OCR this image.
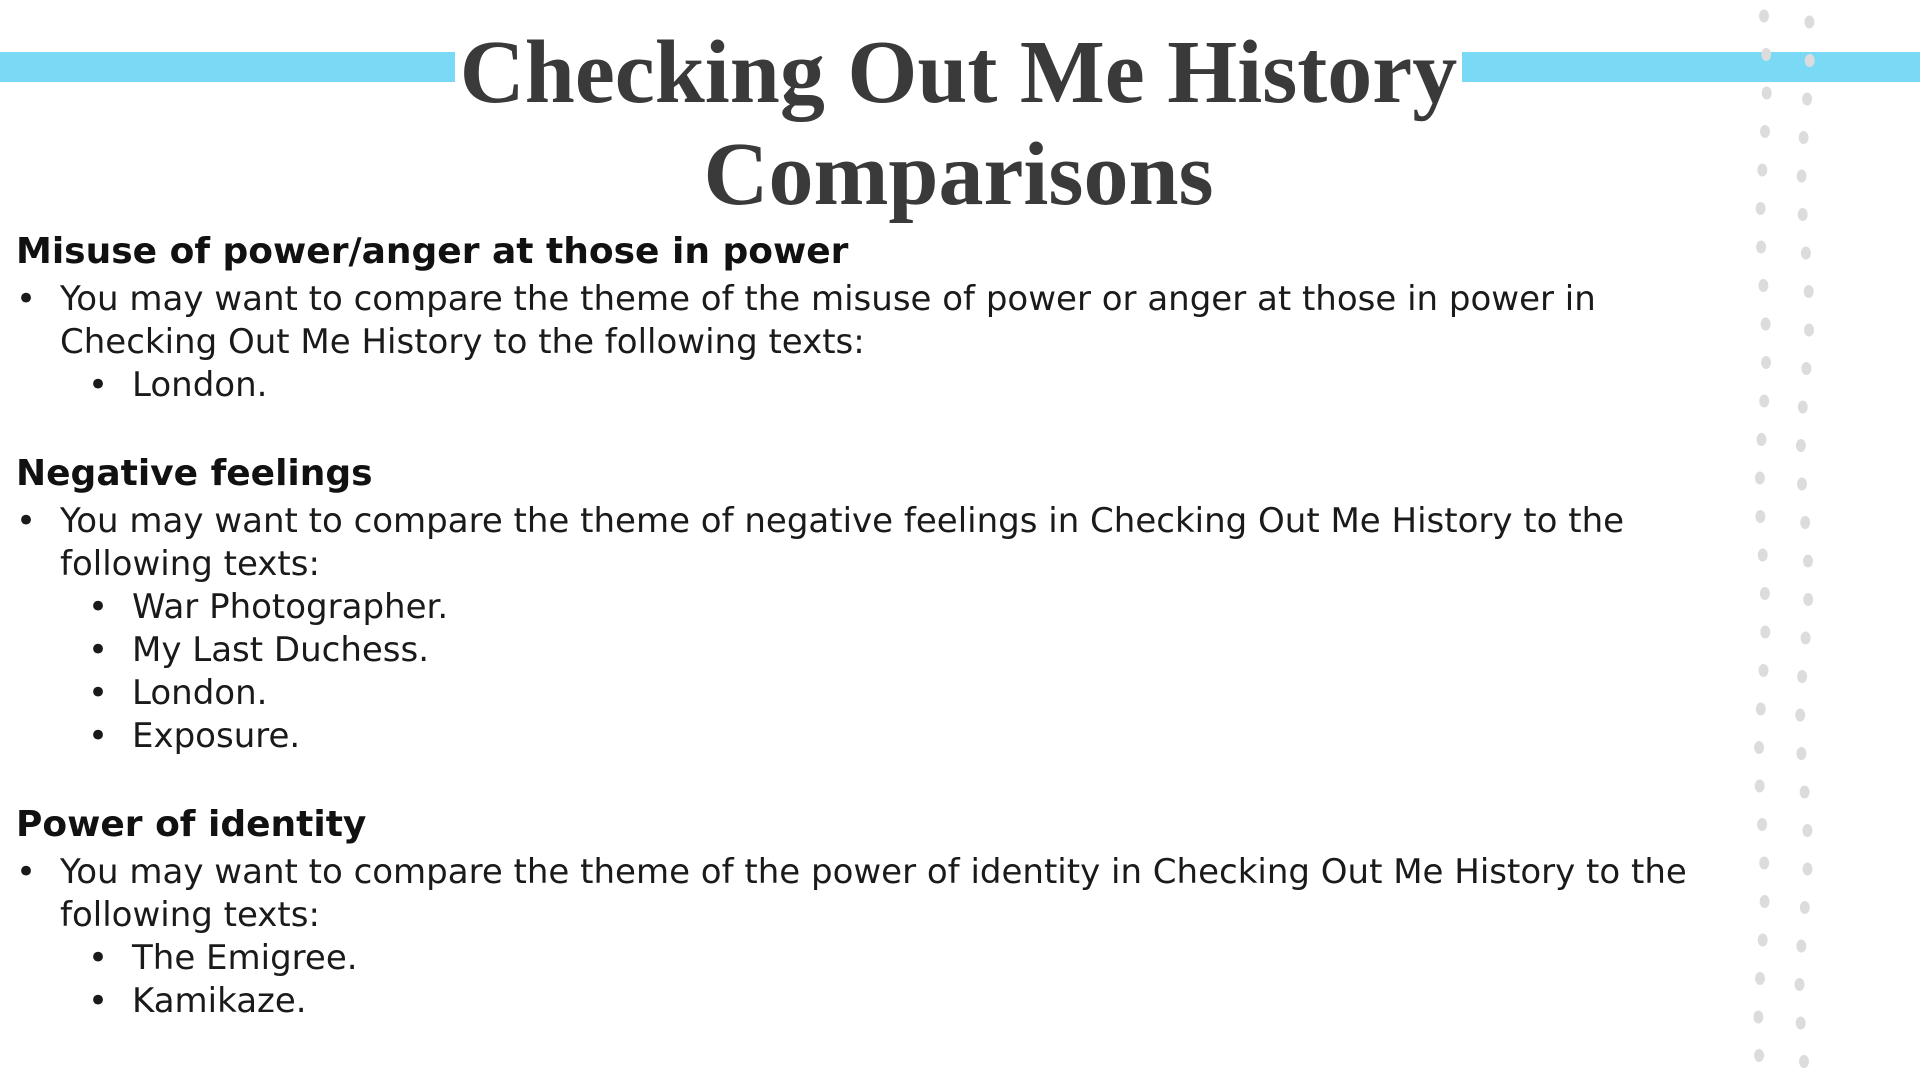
Checking Out Me History
Comparisons
Misuse of power/anger at those in power
• You may want to compare the theme of the misuse of power or anger at those in power in Checking Out Me History to the following texts:
• London.
Negative feelings
• You may want to compare the theme of negative feelings in Checking Out Me History to the following texts:
• War Photographer.
• My Last Duchess.
• London.
• Exposure.
Power of identity
• You may want to compare the theme of the power of identity in Checking Out Me History to the following texts:
• The Emigree.
• Kamikaze.
